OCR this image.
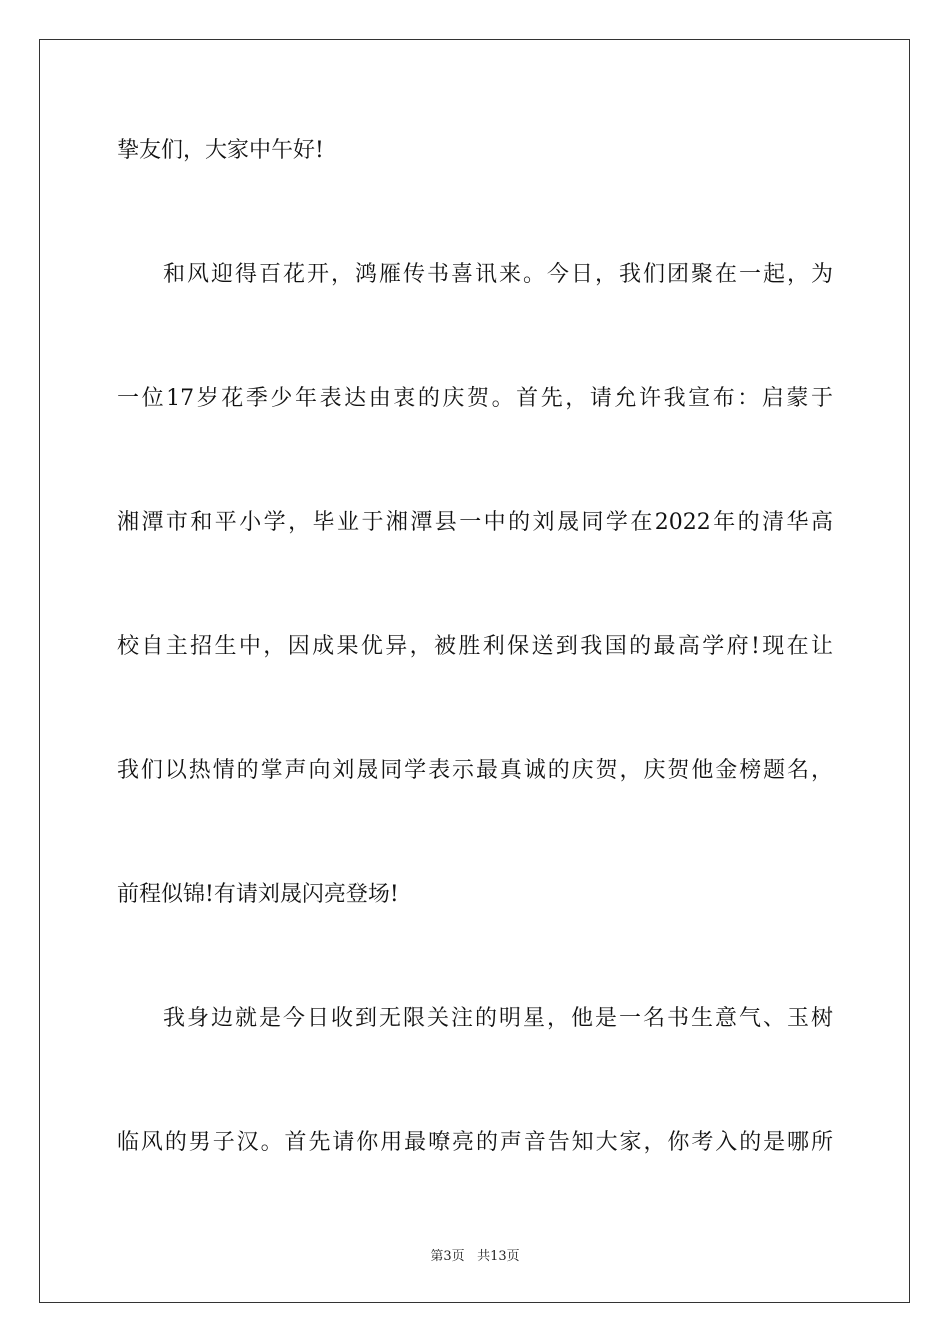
挚友们，大家中午好!
和风迎得百花开，鸿雁传书喜讯来。今日，我们团聚在一起，为
一位17岁花季少年表达由衷的庆贺。首先，请允许我宣布：启蒙于
湘潭市和平小学，毕业于湘潭县一中的刘晟同学在2022年的清华高
校自主招生中，因成果优异，被胜利保送到我国的最高学府!现在让
我们以热情的掌声向刘晟同学表示最真诚的庆贺，庆贺他金榜题名，
前程似锦!有请刘晟闪亮登场!
我身边就是今日收到无限关注的明星，他是一名书生意气、玉树
临风的男子汉。首先请你用最嘹亮的声音告知大家，你考入的是哪所
第3页 共13页
